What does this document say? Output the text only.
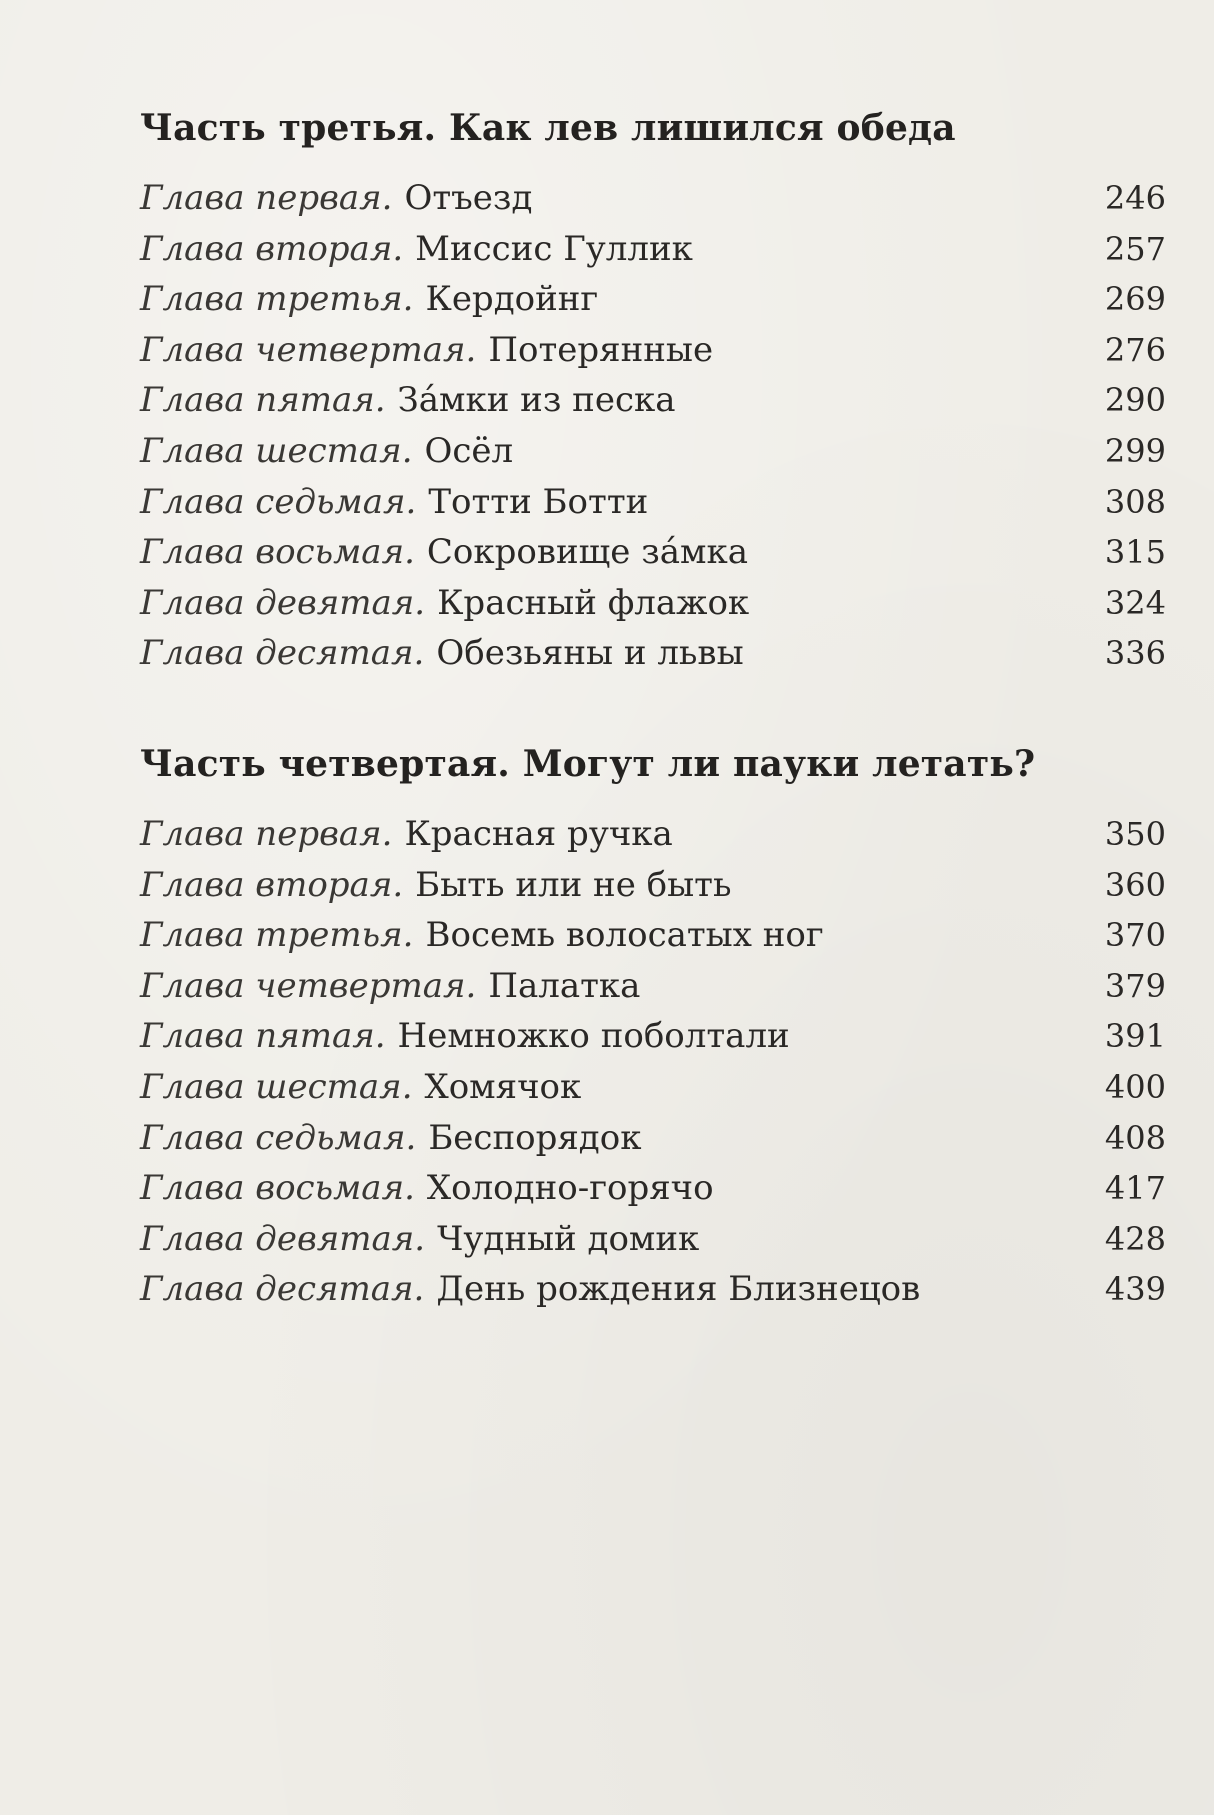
Часть третья. Как лев лишился обеда
Глава первая. Отъезд	246
Глава вторая. Миссис Гуллик	257
Глава третья. Кердойнг	269
Глава четвертая. Потерянные	276
Глава пятая. За́мки из песка	290
Глава шестая. Осёл	299
Глава седьмая. Тотти Ботти	308
Глава восьмая. Сокровище за́мка	315
Глава девятая. Красный флажок	324
Глава десятая. Обезьяны и львы	336
Часть четвертая. Могут ли пауки летать?
Глава первая. Красная ручка	350
Глава вторая. Быть или не быть	360
Глава третья. Восемь волосатых ног	370
Глава четвертая. Палатка	379
Глава пятая. Немножко поболтали	391
Глава шестая. Хомячок	400
Глава седьмая. Беспорядок	408
Глава восьмая. Холодно-горячо	417
Глава девятая. Чудный домик	428
Глава десятая. День рождения Близнецов	439
